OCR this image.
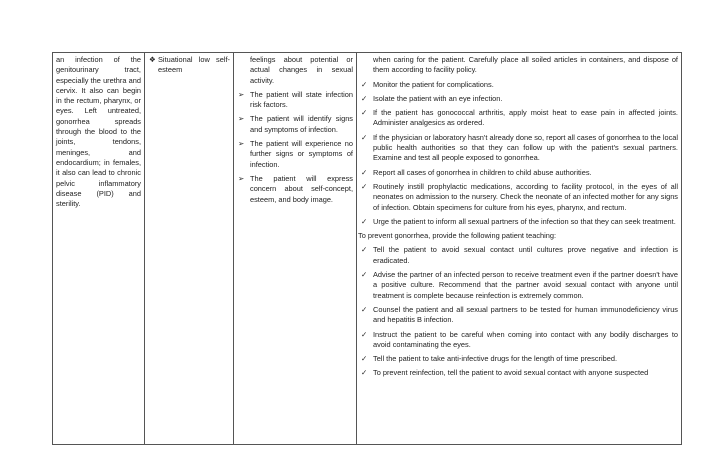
an infection of the genitourinary tract, especially the urethra and cervix. It also can begin in the rectum, pharynx, or eyes. Left untreated, gonorrhea spreads through the blood to the joints, tendons, meninges, and endocardium; in females, it also can lead to chronic pelvic inflammatory disease (PID) and sterility.

❖ Situational low self-esteem

feelings about potential or actual changes in sexual activity.
➢ The patient will state infection risk factors.
➢ The patient will identify signs and symptoms of infection.
➢ The patient will experience no further signs or symptoms of infection.
➢ The patient will express concern about self-concept, esteem, and body image.

when caring for the patient. Carefully place all soiled articles in containers, and dispose of them according to facility policy.
✓ Monitor the patient for complications.
✓ Isolate the patient with an eye infection.
✓ If the patient has gonococcal arthritis, apply moist heat to ease pain in affected joints. Administer analgesics as ordered.
✓ If the physician or laboratory hasn't already done so, report all cases of gonorrhea to the local public health authorities so that they can follow up with the patient's sexual partners. Examine and test all people exposed to gonorrhea.
✓ Report all cases of gonorrhea in children to child abuse authorities.
✓ Routinely instill prophylactic medications, according to facility protocol, in the eyes of all neonates on admission to the nursery. Check the neonate of an infected mother for any signs of infection. Obtain specimens for culture from his eyes, pharynx, and rectum.
✓ Urge the patient to inform all sexual partners of the infection so that they can seek treatment.
To prevent gonorrhea, provide the following patient teaching:
✓ Tell the patient to avoid sexual contact until cultures prove negative and infection is eradicated.
✓ Advise the partner of an infected person to receive treatment even if the partner doesn't have a positive culture. Recommend that the partner avoid sexual contact with anyone until treatment is complete because reinfection is extremely common.
✓ Counsel the patient and all sexual partners to be tested for human immunodeficiency virus and hepatitis B infection.
✓ Instruct the patient to be careful when coming into contact with any bodily discharges to avoid contaminating the eyes.
✓ Tell the patient to take anti-infective drugs for the length of time prescribed.
✓ To prevent reinfection, tell the patient to avoid sexual contact with anyone suspected
